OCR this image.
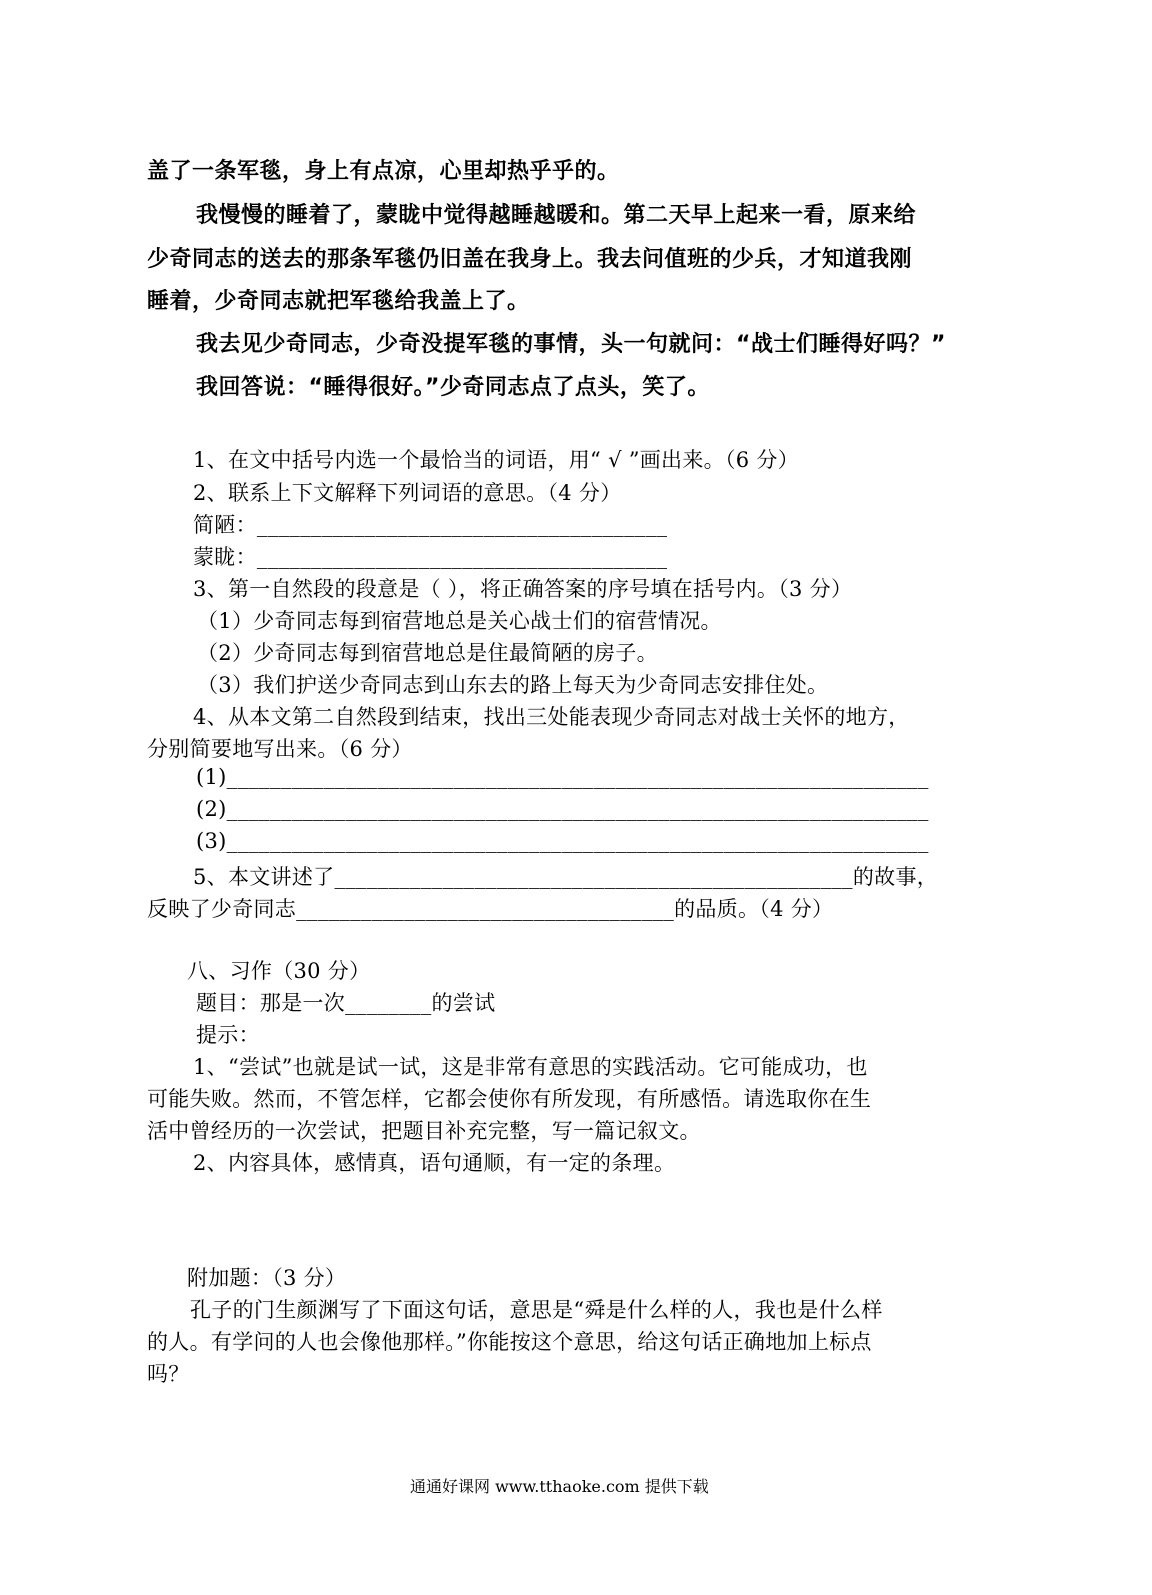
盖了一条军毯，身上有点凉，心里却热乎乎的。
我慢慢的睡着了，蒙眬中觉得越睡越暖和。第二天早上起来一看，原来给
少奇同志的送去的那条军毯仍旧盖在我身上。我去问值班的少兵，才知道我刚
睡着，少奇同志就把军毯给我盖上了。
我去见少奇同志，少奇没提军毯的事情，头一句就问：“战士们睡得好吗？”
我回答说：“睡得很好。”少奇同志点了点头，笑了。
1、在文中括号内选一个最恰当的词语，用“ √ ”画出来。（6 分）
2、联系上下文解释下列词语的意思。（4 分）
简陋：______________________________________
蒙眬：______________________________________
3、第一自然段的段意是（ ），将正确答案的序号填在括号内。（3 分）
（1）少奇同志每到宿营地总是关心战士们的宿营情况。
（2）少奇同志每到宿营地总是住最简陋的房子。
（3）我们护送少奇同志到山东去的路上每天为少奇同志安排住处。
4、从本文第二自然段到结束，找出三处能表现少奇同志对战士关怀的地方，
分别简要地写出来。（6 分）
(1)_________________________________________________________________
(2)_________________________________________________________________
(3)_________________________________________________________________
5、本文讲述了________________________________________________的故事，
反映了少奇同志___________________________________的品质。（4 分）
八、习作（30 分）
题目：那是一次________的尝试
提示：
1、“尝试”也就是试一试，这是非常有意思的实践活动。它可能成功，也
可能失败。然而，不管怎样，它都会使你有所发现，有所感悟。请选取你在生
活中曾经历的一次尝试，把题目补充完整，写一篇记叙文。
2、内容具体，感情真，语句通顺，有一定的条理。
附加题：（3 分）
孔子的门生颜渊写了下面这句话，意思是“舜是什么样的人，我也是什么样
的人。有学问的人也会像他那样。”你能按这个意思，给这句话正确地加上标点
吗？
通通好课网 www.tthaoke.com 提供下载
